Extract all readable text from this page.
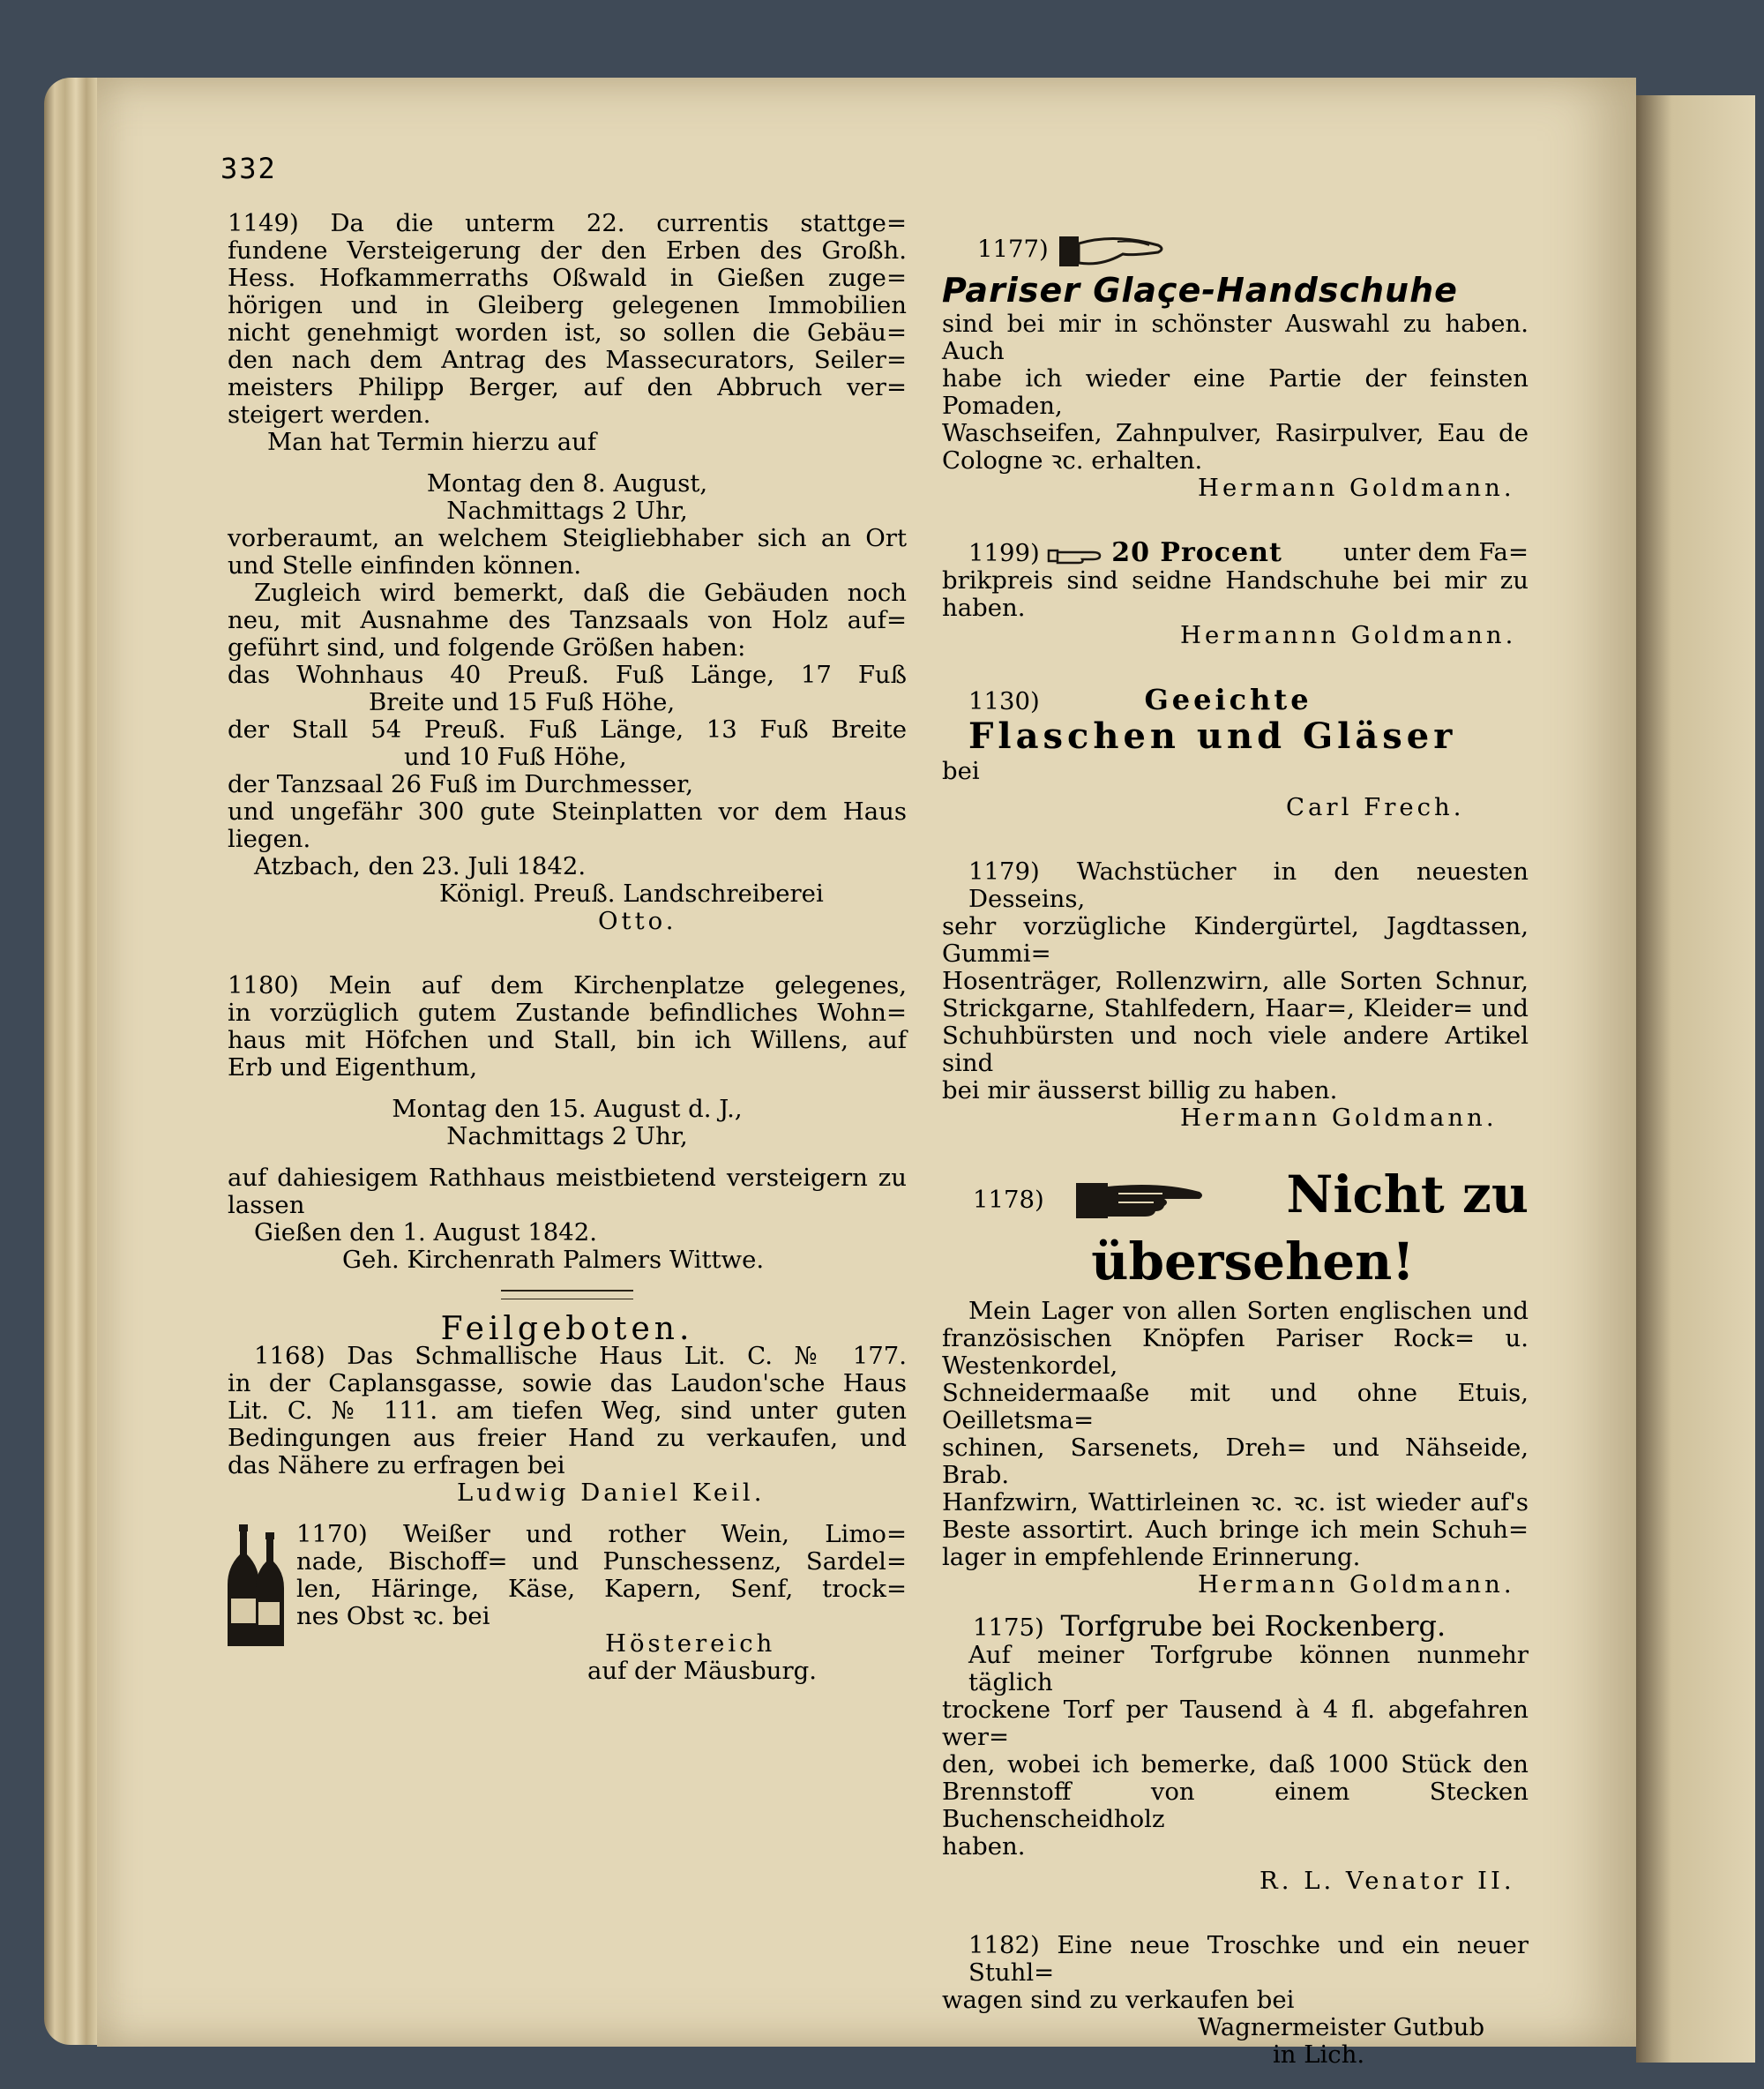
332

1149) Da die unterm 22. currentis stattge=

fundene Versteigerung der den Erben des Großh.

Hess. Hofkammerraths Oßwald in Gießen zuge=

hörigen und in Gleiberg gelegenen Immobilien

nicht genehmigt worden ist, so sollen die Gebäu=

den nach dem Antrag des Massecurators, Seiler=

meisters Philipp Berger, auf den Abbruch ver=

steigert werden.

Man hat Termin hierzu auf

Montag den 8. August,

Nachmittags 2 Uhr,

vorberaumt, an welchem Steigliebhaber sich an Ort

und Stelle einfinden können.

Zugleich wird bemerkt, daß die Gebäuden noch

neu, mit Ausnahme des Tanzsaals von Holz auf=

geführt sind, und folgende Größen haben:

das Wohnhaus 40 Preuß. Fuß Länge, 17 Fuß

Breite und 15 Fuß Höhe,

der Stall 54 Preuß. Fuß Länge, 13 Fuß Breite

und 10 Fuß Höhe,

der Tanzsaal 26 Fuß im Durchmesser,

und ungefähr 300 gute Steinplatten vor dem Haus

liegen.

Atzbach, den 23. Juli 1842.

Königl. Preuß. Landschreiberei

Otto.

1180) Mein auf dem Kirchenplatze gelegenes,

in vorzüglich gutem Zustande befindliches Wohn=

haus mit Höfchen und Stall, bin ich Willens, auf

Erb und Eigenthum,

Montag den 15. August d. J.,

Nachmittags 2 Uhr,

auf dahiesigem Rathhaus meistbietend versteigern zu

lassen

Gießen den 1. August 1842.

Geh. Kirchenrath Palmers Wittwe.

Feilgeboten.

1168) Das Schmallische Haus Lit. C. № 177.

in der Caplansgasse, sowie das Laudon'sche Haus

Lit. C. № 111. am tiefen Weg, sind unter guten

Bedingungen aus freier Hand zu verkaufen, und

das Nähere zu erfragen bei

Ludwig Daniel Keil.

1170) Weißer und rother Wein, Limo=

nade, Bischoff= und Punschessenz, Sardel=

len, Häringe, Käse, Kapern, Senf, trock=

nes Obst ꝛc. bei

Höstereich

auf der Mäusburg.

1177)

Pariser Glaçe-Handschuhe

sind bei mir in schönster Auswahl zu haben. Auch

habe ich wieder eine Partie der feinsten Pomaden,

Waschseifen, Zahnpulver, Rasirpulver, Eau de

Cologne ꝛc. erhalten.

Hermann Goldmann.

1199)	20 Procent	unter dem Fa=

brikpreis sind seidne Handschuhe bei mir zu haben.

Hermannn Goldmann.

1130)	Geeichte

Flaschen und Gläser

bei

Carl Frech.

1179) Wachstücher in den neuesten Desseins,

sehr vorzügliche Kindergürtel, Jagdtassen, Gummi=

Hosenträger, Rollenzwirn, alle Sorten Schnur,

Strickgarne, Stahlfedern, Haar=, Kleider= und

Schuhbürsten und noch viele andere Artikel sind

bei mir äusserst billig zu haben.

Hermann Goldmann.

1178)	Nicht zu

übersehen!

Mein Lager von allen Sorten englischen und

französischen Knöpfen Pariser Rock= u. Westenkordel,

Schneidermaaße mit und ohne Etuis, Oeilletsma=

schinen, Sarsenets, Dreh= und Nähseide, Brab.

Hanfzwirn, Wattirleinen ꝛc. ꝛc. ist wieder auf's

Beste assortirt. Auch bringe ich mein Schuh=

lager in empfehlende Erinnerung.

Hermann Goldmann.

1175) Torfgrube bei Rockenberg.

Auf meiner Torfgrube können nunmehr täglich

trockene Torf per Tausend à 4 fl. abgefahren wer=

den, wobei ich bemerke, daß 1000 Stück den

Brennstoff von einem Stecken Buchenscheidholz

haben.

R. L. Venator II.

1182) Eine neue Troschke und ein neuer Stuhl=

wagen sind zu verkaufen bei

Wagnermeister Gutbub

in Lich.
